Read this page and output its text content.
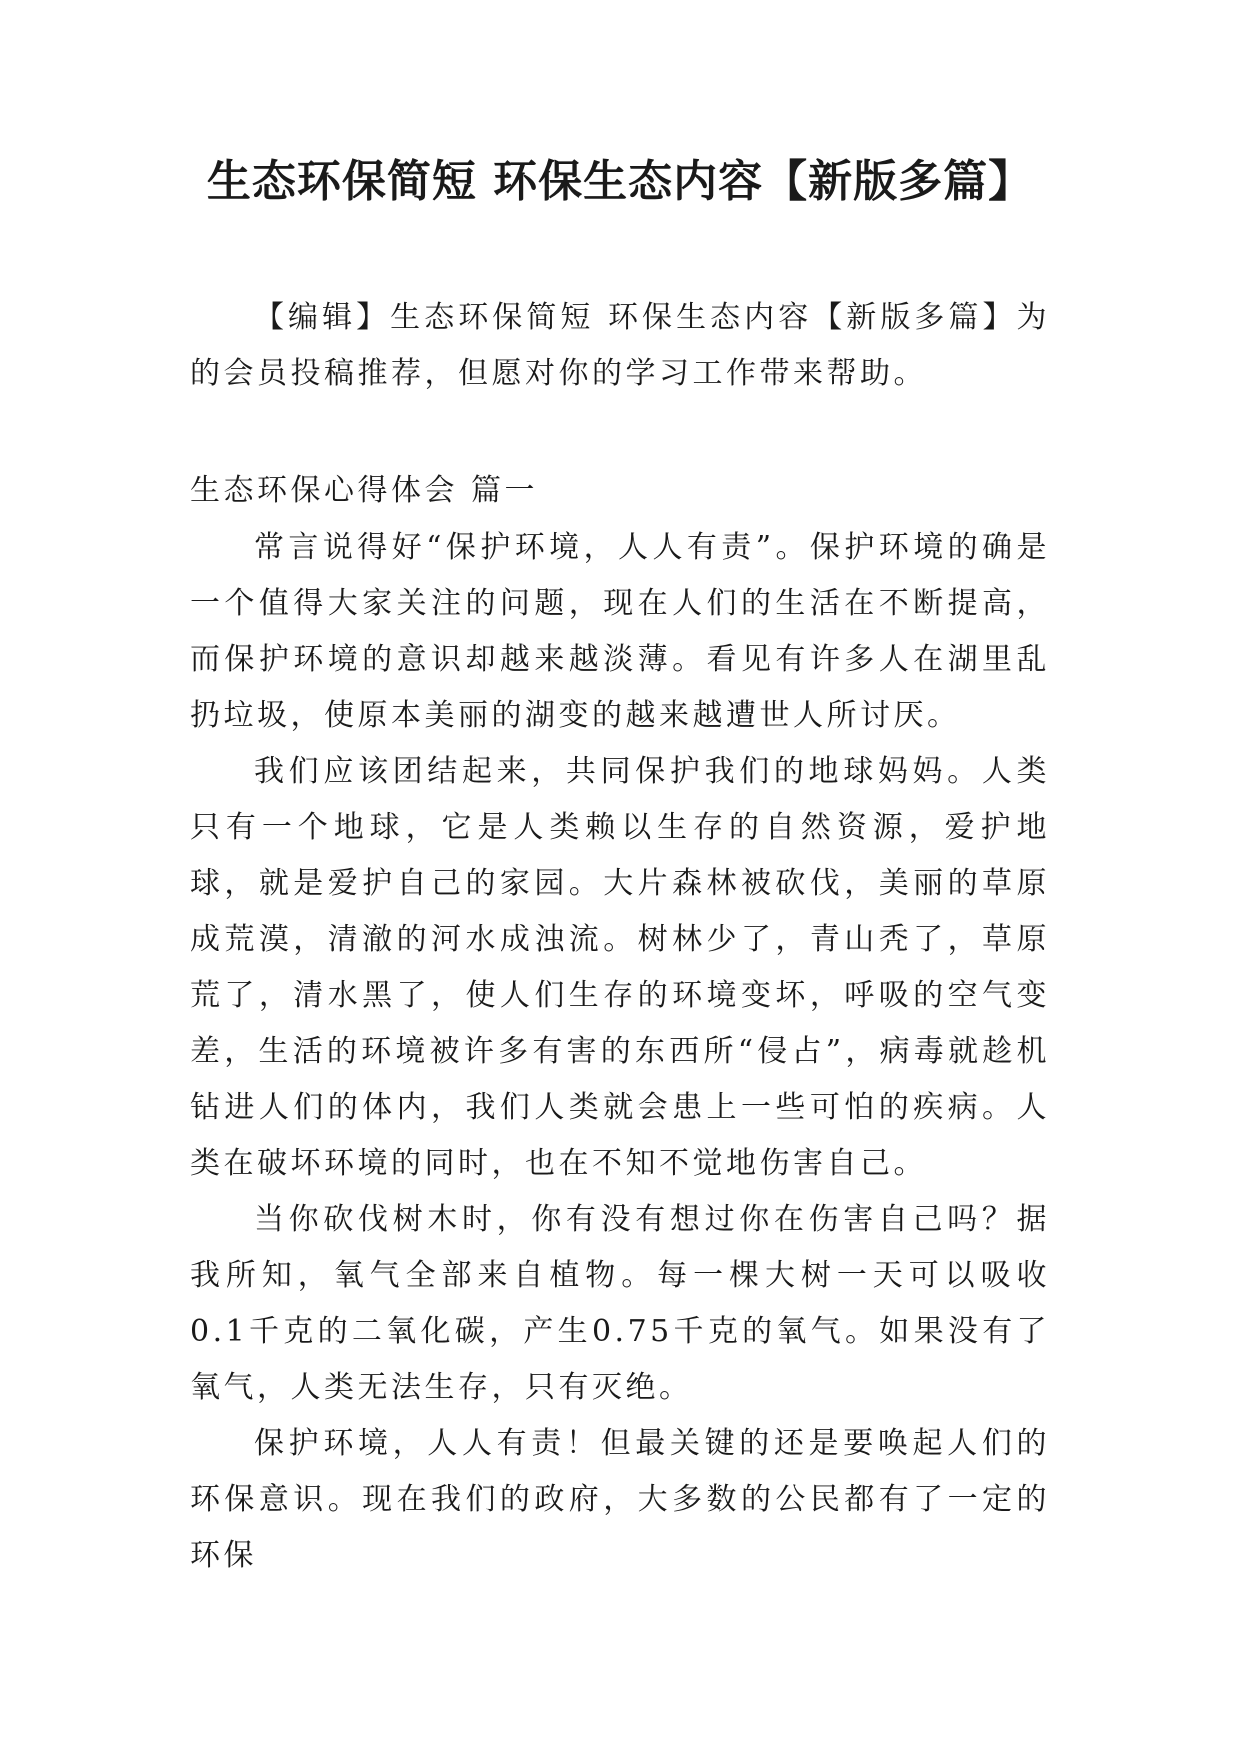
生态环保简短 环保生态内容【新版多篇】

【编辑】生态环保简短 环保生态内容【新版多篇】为的会员投稿推荐，但愿对你的学习工作带来帮助。

生态环保心得体会 篇一

常言说得好“保护环境，人人有责”。保护环境的确是一个值得大家关注的问题，现在人们的生活在不断提高，而保护环境的意识却越来越淡薄。看见有许多人在湖里乱扔垃圾，使原本美丽的湖变的越来越遭世人所讨厌。

我们应该团结起来，共同保护我们的地球妈妈。人类只有一个地球，它是人类赖以生存的自然资源，爱护地球，就是爱护自己的家园。大片森林被砍伐，美丽的草原成荒漠，清澈的河水成浊流。树林少了，青山秃了，草原荒了，清水黑了，使人们生存的环境变坏，呼吸的空气变差，生活的环境被许多有害的东西所“侵占”，病毒就趁机钻进人们的体内，我们人类就会患上一些可怕的疾病。人类在破坏环境的同时，也在不知不觉地伤害自己。

当你砍伐树木时，你有没有想过你在伤害自己吗？据我所知，氧气全部来自植物。每一棵大树一天可以吸收0.1千克的二氧化碳，产生0.75千克的氧气。如果没有了氧气，人类无法生存，只有灭绝。

保护环境，人人有责！但最关键的还是要唤起人们的环保意识。现在我们的政府，大多数的公民都有了一定的环保
